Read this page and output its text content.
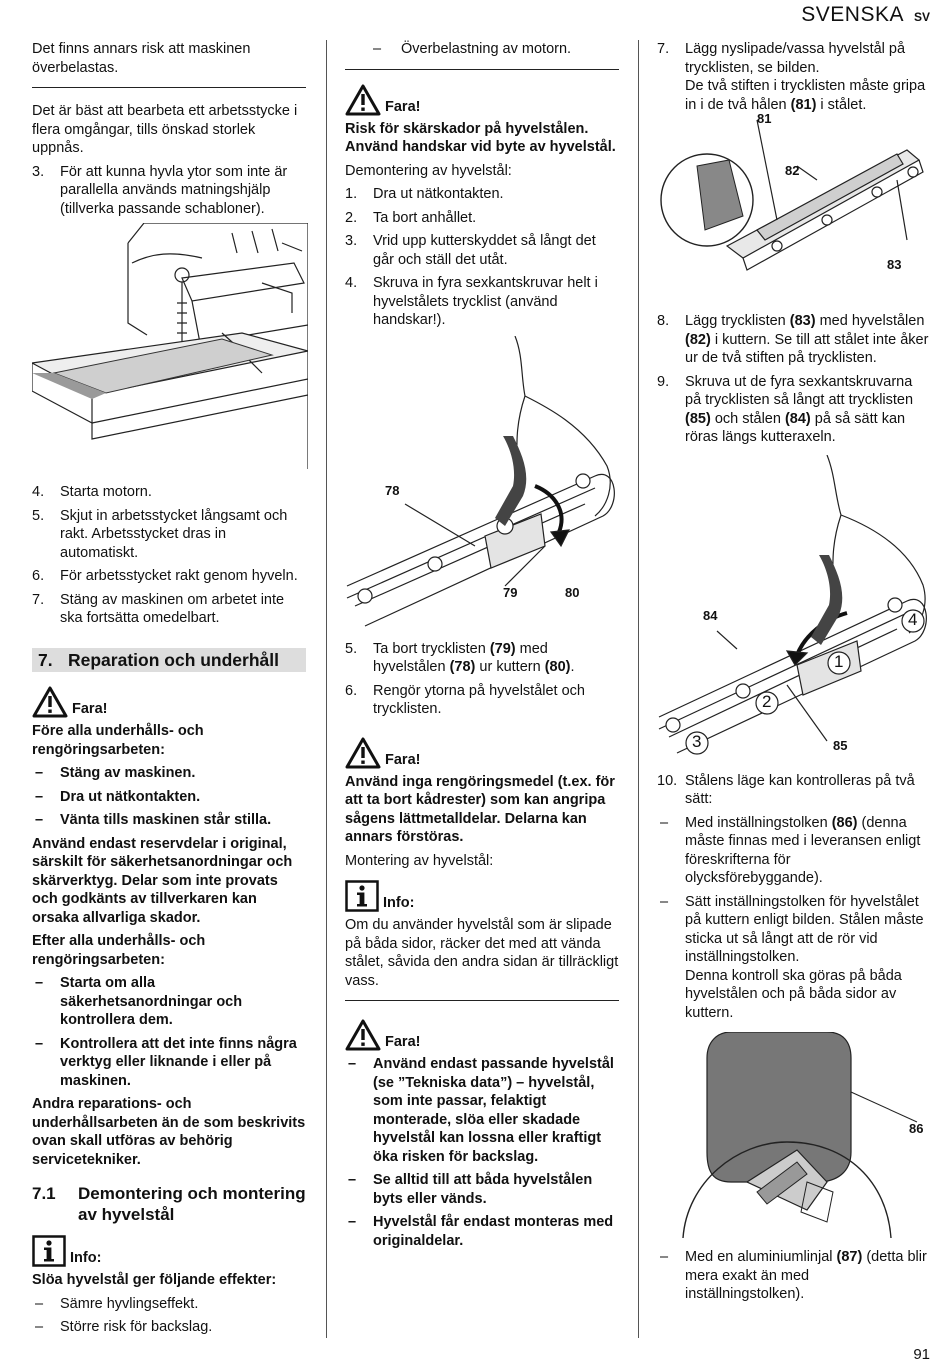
SVENSKA SV

Det finns annars risk att maskinen överbelastas.

Det är bäst att bearbeta ett arbetsstycke i flera omgångar, tills önskad storlek uppnås.

3.	För att kunna hyvla ytor som inte är parallella används matningshjälp (tillverka passande schabloner).
4.	Starta motorn.
5.	Skjut in arbetsstycket långsamt och rakt. Arbetsstycket dras in automatiskt.
6.	För arbetsstycket rakt genom hyveln.
7.	Stäng av maskinen om arbetet inte ska fortsätta omedelbart.
7. Reparation och underhåll
Fara!

Före alla underhålls- och rengöringsarbeten:

–	Stäng av maskinen.
–	Dra ut nätkontakten.
–	Vänta tills maskinen står stilla.

Använd endast reservdelar i original, särskilt för säkerhetsanordningar och skärverktyg. Delar som inte provats och godkänts av tillverkaren kan orsaka allvarliga skador.

Efter alla underhålls- och rengöringsarbeten:

–	Starta om alla säkerhetsanordningar och kontrollera dem.
–	Kontrollera att det inte finns några verktyg eller liknande i eller på maskinen.

Andra reparations- och underhållsarbeten än de som beskrivits ovan skall utföras av behörig servicetekniker.

7.1	Demontering och montering av hyvelstål
Info:

Slöa hyvelstål ger följande effekter:

–	Sämre hyvlingseffekt.
–	Större risk för backslag.
–	Överbelastning av motorn.
Fara!

Risk för skärskador på hyvelstålen. Använd handskar vid byte av hyvelstål.

Demontering av hyvelstål:

1.	Dra ut nätkontakten.
2.	Ta bort anhållet.
3.	Vrid upp kutterskyddet så långt det går och ställ det utåt.
4.	Skruva in fyra sexkantskruvar helt i hyvelstålets trycklist (använd handskar!).
78
79	80
5.	Ta bort trycklisten (79) med hyvelstålen (78) ur kuttern (80).
6.	Rengör ytorna på hyvelstålet och trycklisten.
Fara!

Använd inga rengöringsmedel (t.ex. för att ta bort kådrester) som kan angripa sågens lättmetalldelar. Delarna kan annars förstöras.

Montering av hyvelstål:

Info:

Om du använder hyvelstål som är slipade på båda sidor, räcker det med att vända stålet, såvida den andra sidan är tillräckligt vass.

Fara!
–	Använd endast passande hyvelstål (se ”Tekniska data”) – hyvelstål, som inte passar, felaktigt monterade, slöa eller skadade hyvelstål kan lossna eller kraftigt öka risken för backslag.
–	Se alltid till att båda hyvelstålen byts eller vänds.
–	Hyvelstål får endast monteras med originaldelar.
7.	Lägg nyslipade/vassa hyvelstål på trycklisten, se bilden.
De två stiften i trycklisten måste gripa in i de två hålen (81) i stålet.
81
82
83
8.	Lägg trycklisten (83) med hyvelstålen (82) i kuttern. Se till att stålet inte åker ur de två stiften på trycklisten.
9.	Skruva ut de fyra sexkantskruvarna på trycklisten så långt att trycklisten (85) och stålen (84) på så sätt kan röras längs kutteraxeln.
1
2
3
4
84
85
10. Stålens läge kan kontrolleras på två sätt:
–	Med inställningstolken (86) (denna måste finnas med i leveransen enligt föreskrifterna för olycksförebyggande).
–	Sätt inställningstolken för hyvelstålet på kuttern enligt bilden. Stålen måste sticka ut så långt att de rör vid inställningstolken.
Denna kontroll ska göras på båda hyvelstålen och på båda sidor av kuttern.
86
–	Med en aluminiumlinjal (87) (detta blir mera exakt än med inställningstolken).
91
